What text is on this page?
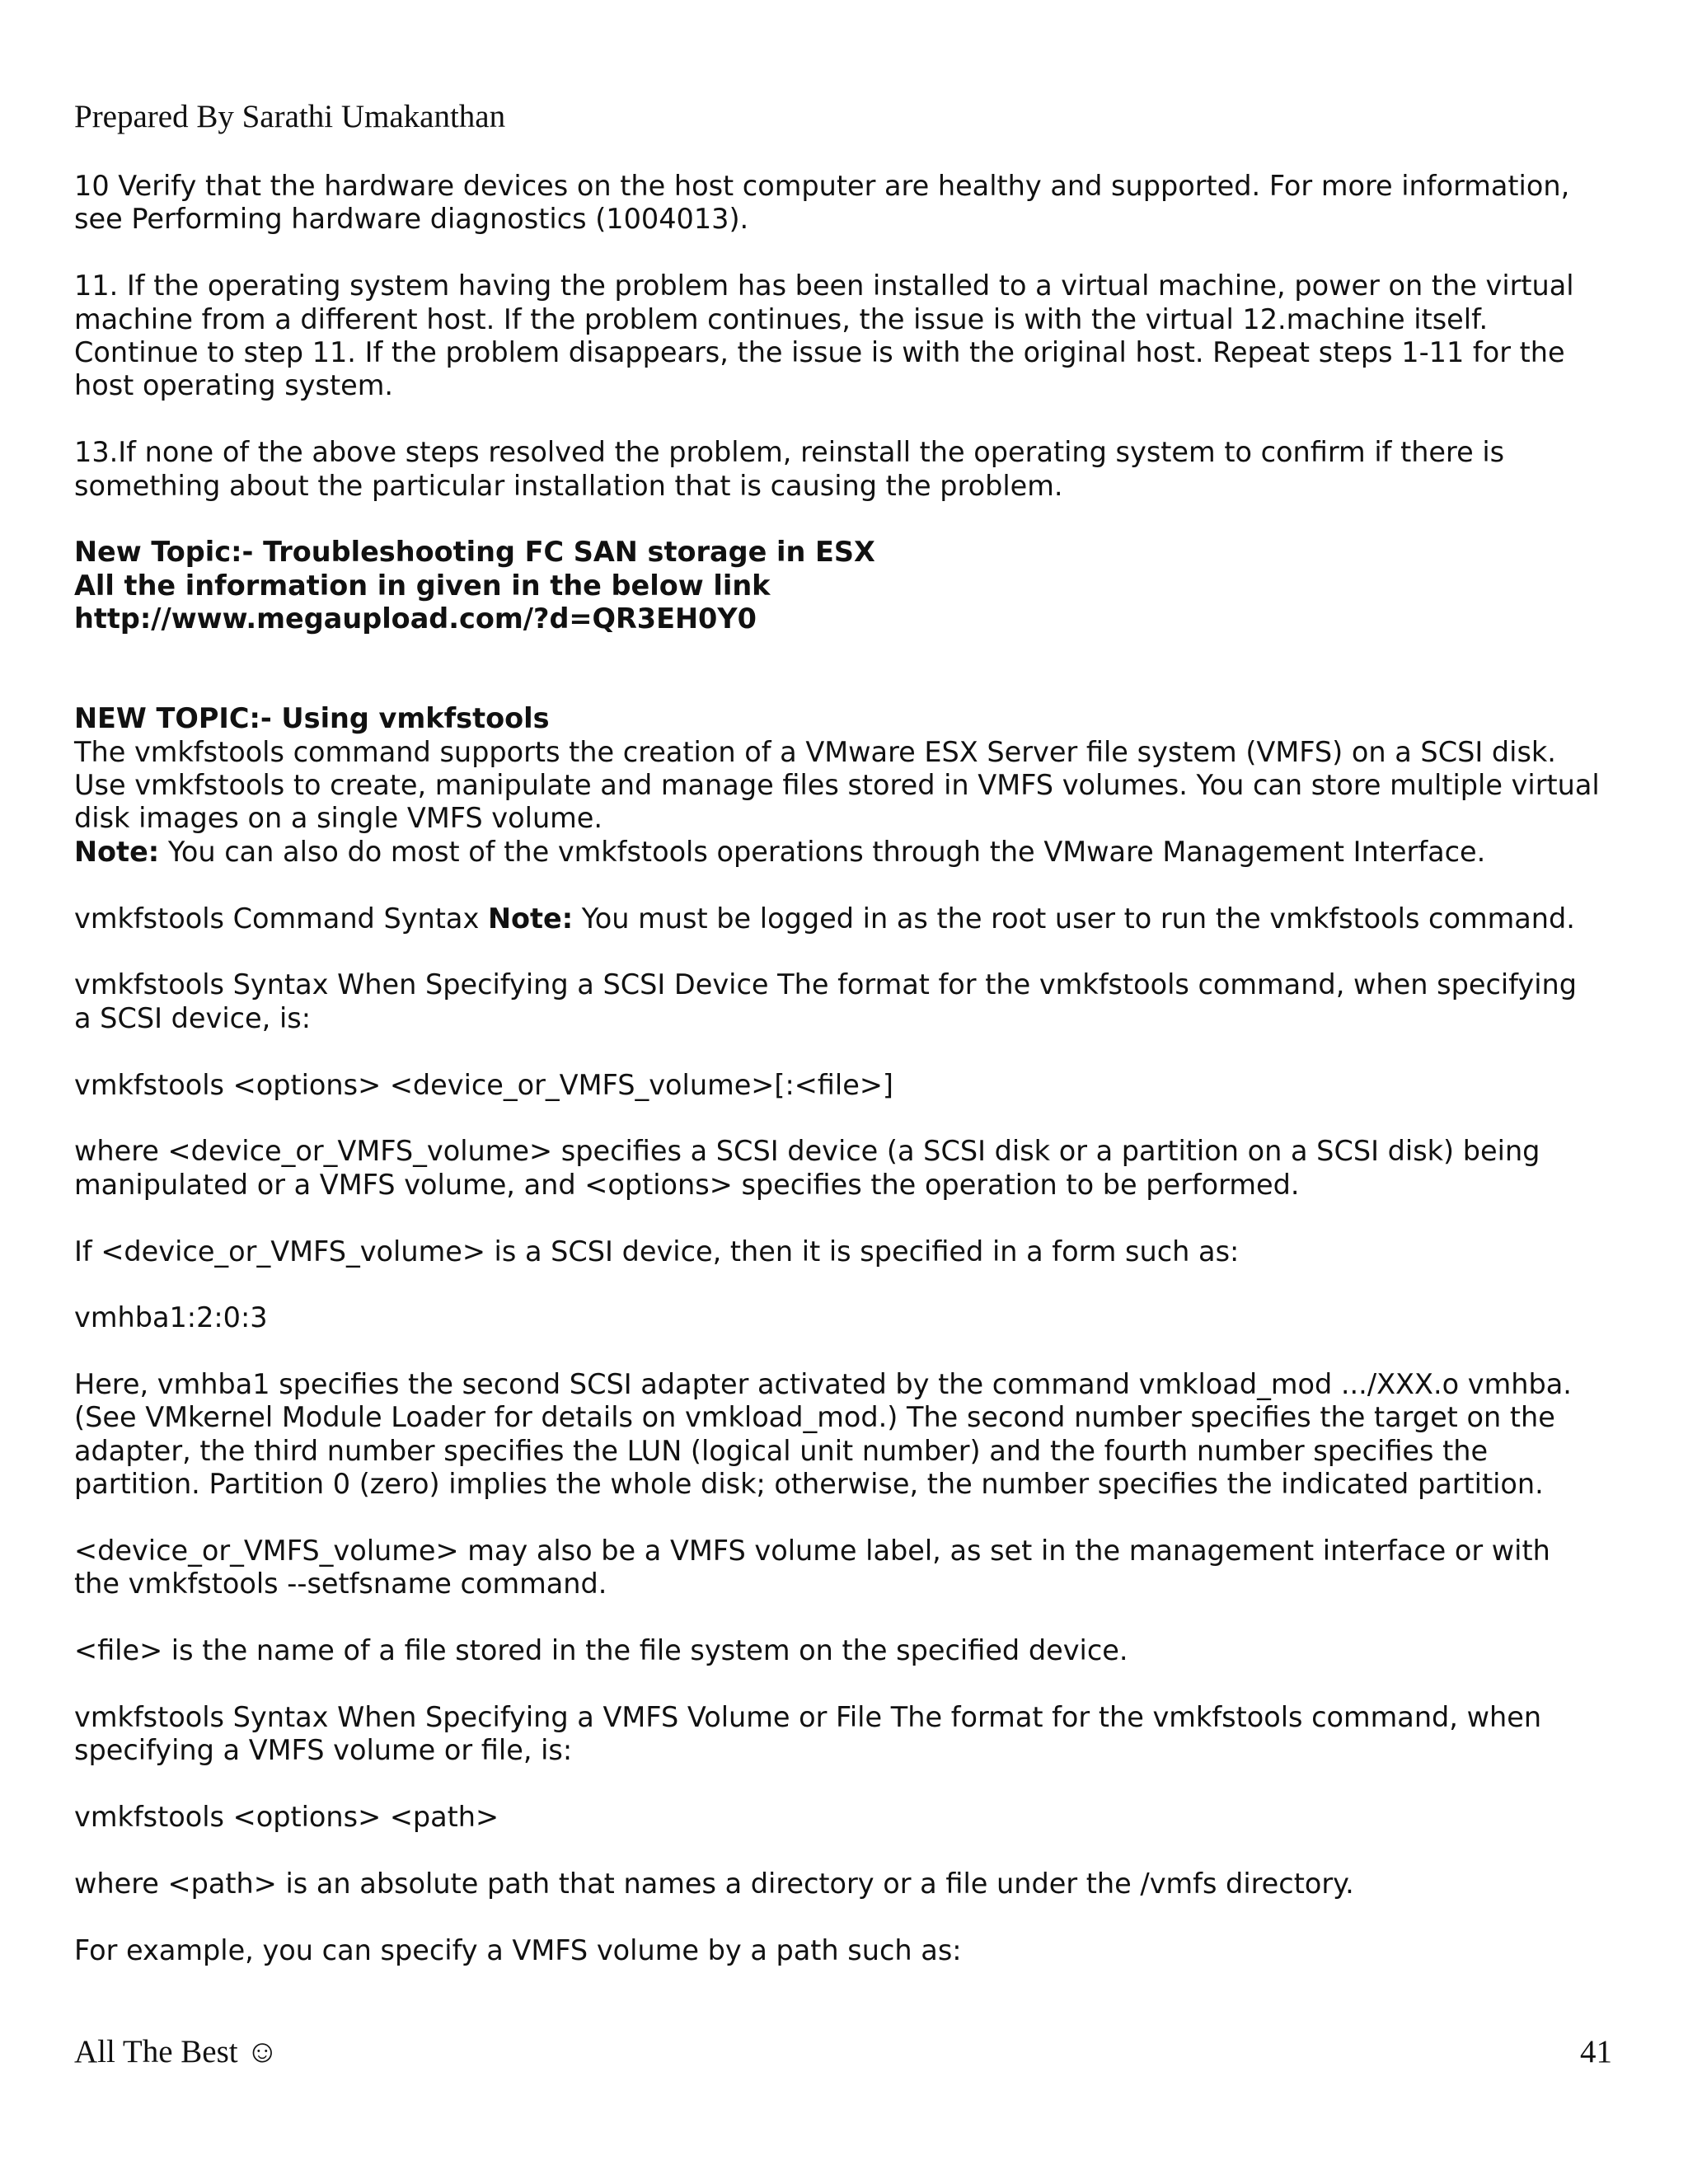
Prepared By Sarathi Umakanthan
10 Verify that the hardware devices on the host computer are healthy and supported. For more information,
see Performing hardware diagnostics (1004013).
11. If the operating system having the problem has been installed to a virtual machine, power on the virtual
machine from a different host. If the problem continues, the issue is with the virtual 12.machine itself.
Continue to step 11. If the problem disappears, the issue is with the original host. Repeat steps 1-11 for the
host operating system.
13.If none of the above steps resolved the problem, reinstall the operating system to confirm if there is
something about the particular installation that is causing the problem.
New Topic:- Troubleshooting FC SAN storage in ESX
All the information in given in the below link
http://www.megaupload.com/?d=QR3EH0Y0
NEW TOPIC:- Using vmkfstools
The vmkfstools command supports the creation of a VMware ESX Server file system (VMFS) on a SCSI disk.
Use vmkfstools to create, manipulate and manage files stored in VMFS volumes. You can store multiple virtual
disk images on a single VMFS volume.
Note: You can also do most of the vmkfstools operations through the VMware Management Interface.
vmkfstools Command Syntax Note: You must be logged in as the root user to run the vmkfstools command.
vmkfstools Syntax When Specifying a SCSI Device The format for the vmkfstools command, when specifying
a SCSI device, is:
vmkfstools <options> <device_or_VMFS_volume>[:<file>]
where <device_or_VMFS_volume> specifies a SCSI device (a SCSI disk or a partition on a SCSI disk) being
manipulated or a VMFS volume, and <options> specifies the operation to be performed.
If <device_or_VMFS_volume> is a SCSI device, then it is specified in a form such as:
vmhba1:2:0:3
Here, vmhba1 specifies the second SCSI adapter activated by the command vmkload_mod .../XXX.o vmhba.
(See VMkernel Module Loader for details on vmkload_mod.) The second number specifies the target on the
adapter, the third number specifies the LUN (logical unit number) and the fourth number specifies the
partition. Partition 0 (zero) implies the whole disk; otherwise, the number specifies the indicated partition.
<device_or_VMFS_volume> may also be a VMFS volume label, as set in the management interface or with
the vmkfstools --setfsname command.
<file> is the name of a file stored in the file system on the specified device.
vmkfstools Syntax When Specifying a VMFS Volume or File The format for the vmkfstools command, when
specifying a VMFS volume or file, is:
vmkfstools <options> <path>
where <path> is an absolute path that names a directory or a file under the /vmfs directory.
For example, you can specify a VMFS volume by a path such as:
All The Best ☺	41
